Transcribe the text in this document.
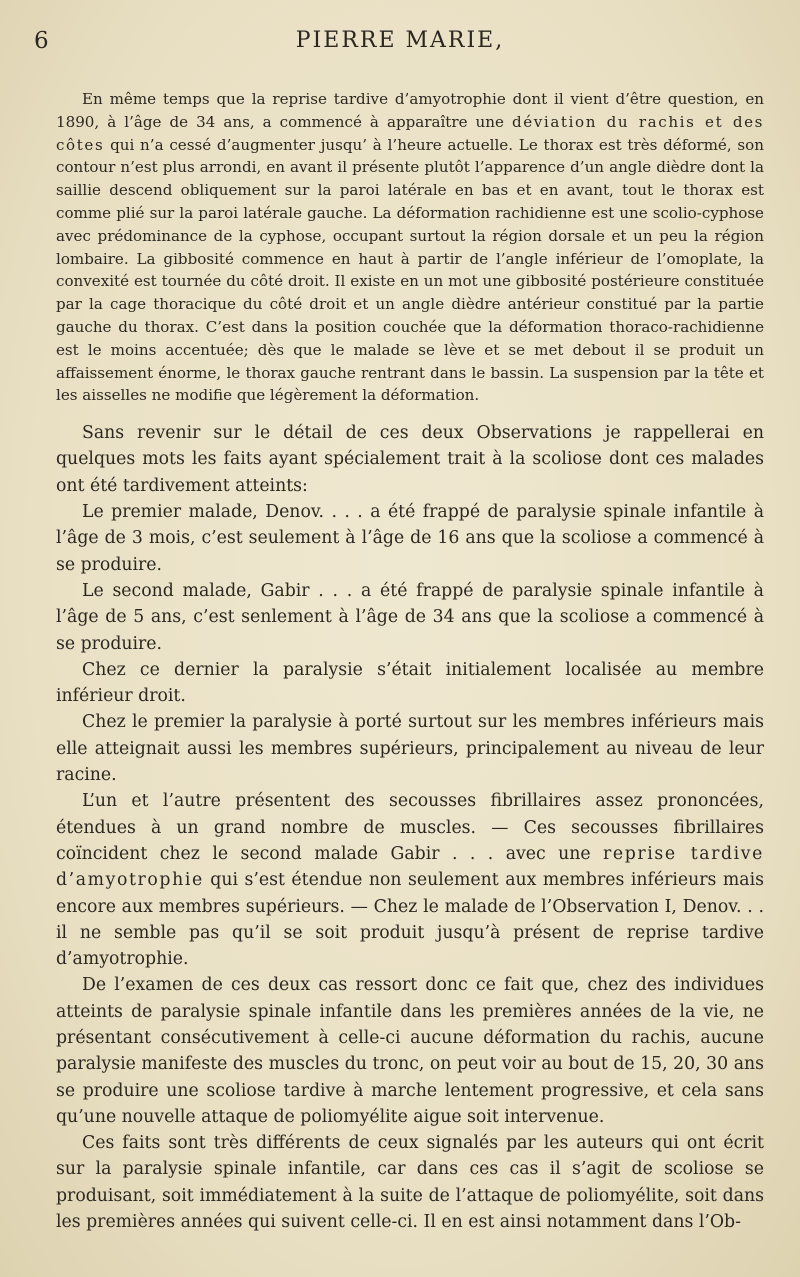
6	PIERRE MARIE,

En même temps que la reprise tardive d’amyotrophie dont il vient d’être question, en 1890, à l’âge de 34 ans, a commencé à apparaître une déviation du rachis et des côtes qui n’a cessé d’augmenter jusqu’ à l’heure actuelle. Le thorax est très déformé, son contour n’est plus arrondi, en avant il présente plutôt l’apparence d’un angle dièdre dont la saillie descend obliquement sur la paroi latérale en bas et en avant, tout le thorax est comme plié sur la paroi latérale gauche. La déformation rachidienne est une scolio-cyphose avec prédominance de la cyphose, occupant surtout la région dorsale et un peu la région lombaire. La gibbosité commence en haut à partir de l’angle inférieur de l’omoplate, la convexité est tournée du côté droit. Il existe en un mot une gibbosité postérieure constituée par la cage thoracique du côté droit et un angle dièdre antérieur constitué par la partie gauche du thorax. C’est dans la position couchée que la déformation thoraco-rachidienne est le moins accentuée; dès que le malade se lève et se met debout il se produit un affaissement énorme, le thorax gauche rentrant dans le bassin. La suspension par la tête et les aisselles ne modifie que légèrement la déformation.

Sans revenir sur le détail de ces deux Observations je rappellerai en quelques mots les faits ayant spécialement trait à la scoliose dont ces malades ont été tardivement atteints:

Le premier malade, Denov. . . . a été frappé de paralysie spinale infantile à l’âge de 3 mois, c’est seulement à l’âge de 16 ans que la scoliose a commencé à se produire.

Le second malade, Gabir . . . a été frappé de paralysie spinale infantile à l’âge de 5 ans, c’est senlement à l’âge de 34 ans que la scoliose a commencé à se produire.

Chez ce dernier la paralysie s’était initialement localisée au membre inférieur droit.

Chez le premier la paralysie à porté surtout sur les membres inférieurs mais elle atteignait aussi les membres supérieurs, principalement au niveau de leur racine.

L’un et l’autre présentent des secousses fibrillaires assez prononcées, étendues à un grand nombre de muscles. — Ces secousses fibrillaires coïncident chez le second malade Gabir . . . avec une reprise tardive d’amyotrophie qui s’est étendue non seulement aux membres inférieurs mais encore aux membres supérieurs. — Chez le malade de l’Observation I, Denov. . . il ne semble pas qu’il se soit produit jusqu’à présent de reprise tardive d’amyotrophie.

De l’examen de ces deux cas ressort donc ce fait que, chez des individues atteints de paralysie spinale infantile dans les premières années de la vie, ne présentant consécutivement à celle-ci aucune déformation du rachis, aucune paralysie manifeste des muscles du tronc, on peut voir au bout de 15, 20, 30 ans se produire une scoliose tardive à marche lentement progressive, et cela sans qu’une nouvelle attaque de poliomyélite aigue soit intervenue.

Ces faits sont très différents de ceux signalés par les auteurs qui ont écrit sur la paralysie spinale infantile, car dans ces cas il s’agit de scoliose se produisant, soit immédiatement à la suite de l’attaque de poliomyélite, soit dans les premières années qui suivent celle-ci. Il en est ainsi notamment dans l’Ob-
